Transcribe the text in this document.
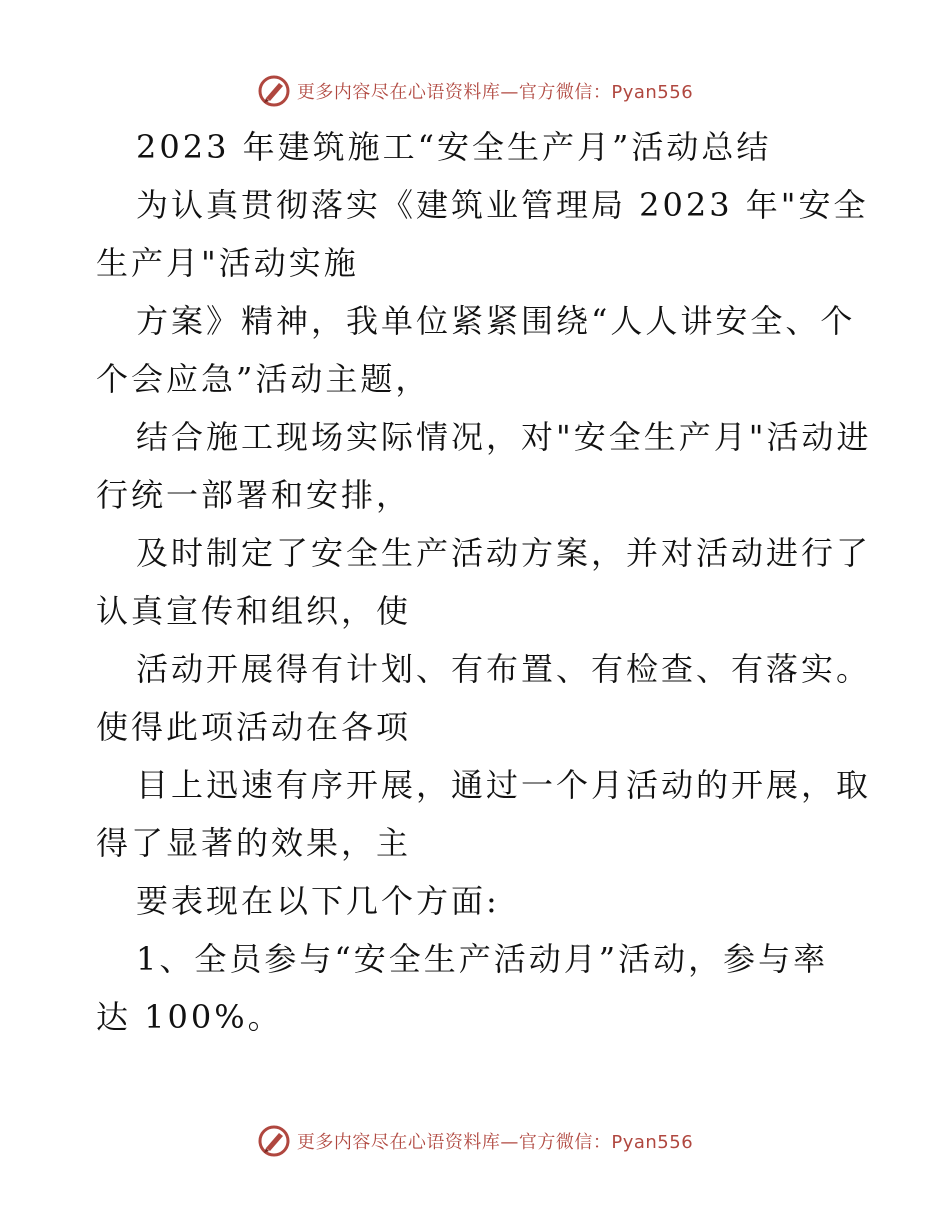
更多内容尽在心语资料库—官方微信：Pyan556
2023 年建筑施工“安全生产月”活动总结
为认真贯彻落实《建筑业管理局 2023 年"安全
生产月"活动实施
方案》精神，我单位紧紧围绕“人人讲安全、个
个会应急”活动主题，
结合施工现场实际情况，对"安全生产月"活动进
行统一部署和安排，
及时制定了安全生产活动方案，并对活动进行了
认真宣传和组织，使
活动开展得有计划、有布置、有检查、有落实。
使得此项活动在各项
目上迅速有序开展，通过一个月活动的开展，取
得了显著的效果，主
要表现在以下几个方面:
1、全员参与“安全生产活动月”活动，参与率
达 100%。
更多内容尽在心语资料库—官方微信：Pyan556
